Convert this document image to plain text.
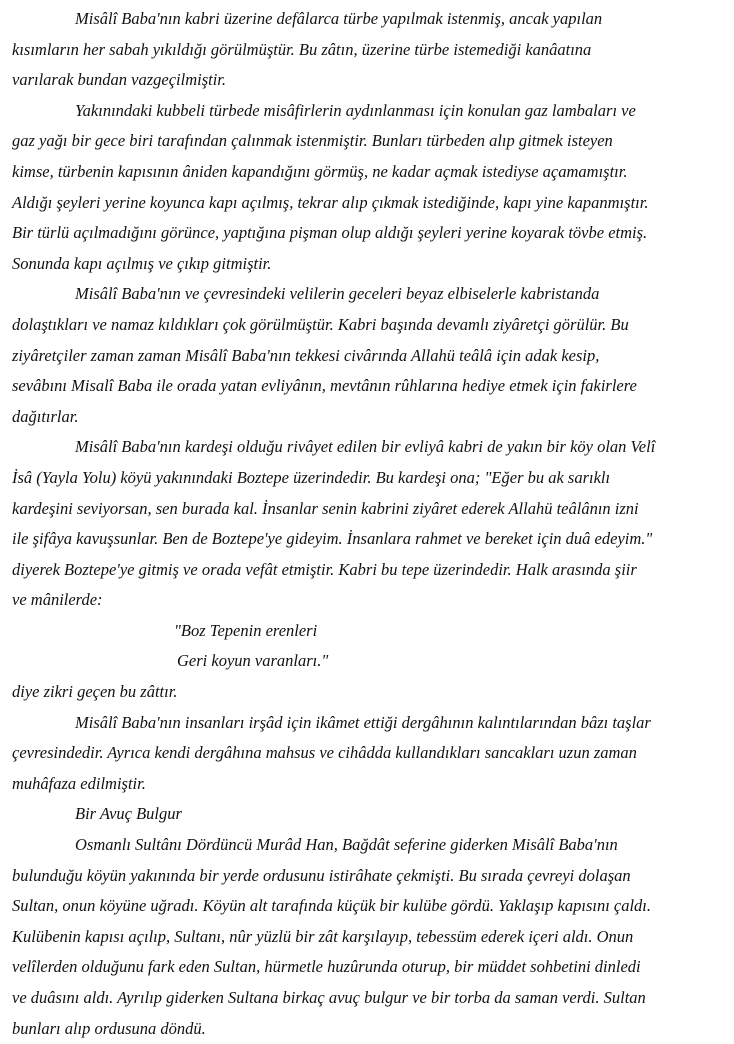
Misâlî Baba'nın kabri üzerine defâlarca türbe yapılmak istenmiş, ancak yapılan
kısımların her sabah yıkıldığı görülmüştür. Bu zâtın, üzerine türbe istemediği kanâatına
varılarak bundan vazgeçilmiştir.
Yakınındaki kubbeli türbede misâfirlerin aydınlanması için konulan gaz lambaları ve
gaz yağı bir gece biri tarafından çalınmak istenmiştir. Bunları türbeden alıp gitmek isteyen
kimse, türbenin kapısının âniden kapandığını görmüş, ne kadar açmak istediyse açamamıştır.
Aldığı şeyleri yerine koyunca kapı açılmış, tekrar alıp çıkmak istediğinde, kapı yine kapanmıştır.
Bir türlü açılmadığını görünce, yaptığına pişman olup aldığı şeyleri yerine koyarak tövbe etmiş.
Sonunda kapı açılmış ve çıkıp gitmiştir.
Misâlî Baba'nın ve çevresindeki velilerin geceleri beyaz elbiselerle kabristanda
dolaştıkları ve namaz kıldıkları çok görülmüştür. Kabri başında devamlı ziyâretçi görülür. Bu
ziyâretçiler zaman zaman Misâlî Baba'nın tekkesi civârında Allahü teâlâ için adak kesip,
sevâbını Misalî Baba ile orada yatan evliyânın, mevtânın rûhlarına hediye etmek için fakirlere
dağıtırlar.
Misâlî Baba'nın kardeşi olduğu rivâyet edilen bir evliyâ kabri de yakın bir köy olan Velî
İsâ (Yayla Yolu) köyü yakınındaki Boztepe üzerindedir. Bu kardeşi ona; "Eğer bu ak sarıklı
kardeşini seviyorsan, sen burada kal. İnsanlar senin kabrini ziyâret ederek Allahü teâlânın izni
ile şifâya kavuşsunlar. Ben de Boztepe'ye gideyim. İnsanlara rahmet ve bereket için duâ edeyim."
diyerek Boztepe'ye gitmiş ve orada vefât etmiştir. Kabri bu tepe üzerindedir. Halk arasında şiir
ve mânilerde:
"Boz Tepenin erenleri
Geri koyun varanları."
diye zikri geçen bu zâttır.
Misâlî Baba'nın insanları irşâd için ikâmet ettiği dergâhının kalıntılarından bâzı taşlar
çevresindedir. Ayrıca kendi dergâhına mahsus ve cihâdda kullandıkları sancakları uzun zaman
muhâfaza edilmiştir.
Bir Avuç Bulgur
Osmanlı Sultânı Dördüncü Murâd Han, Bağdât seferine giderken Misâlî Baba'nın
bulunduğu köyün yakınında bir yerde ordusunu istirâhate çekmişti. Bu sırada çevreyi dolaşan
Sultan, onun köyüne uğradı. Köyün alt tarafında küçük bir kulübe gördü. Yaklaşıp kapısını çaldı.
Kulübenin kapısı açılıp, Sultanı, nûr yüzlü bir zât karşılayıp, tebessüm ederek içeri aldı. Onun
velîlerden olduğunu fark eden Sultan, hürmetle huzûrunda oturup, bir müddet sohbetini dinledi
ve duâsını aldı. Ayrılıp giderken Sultana birkaç avuç bulgur ve bir torba da saman verdi. Sultan
bunları alıp ordusuna döndü.
